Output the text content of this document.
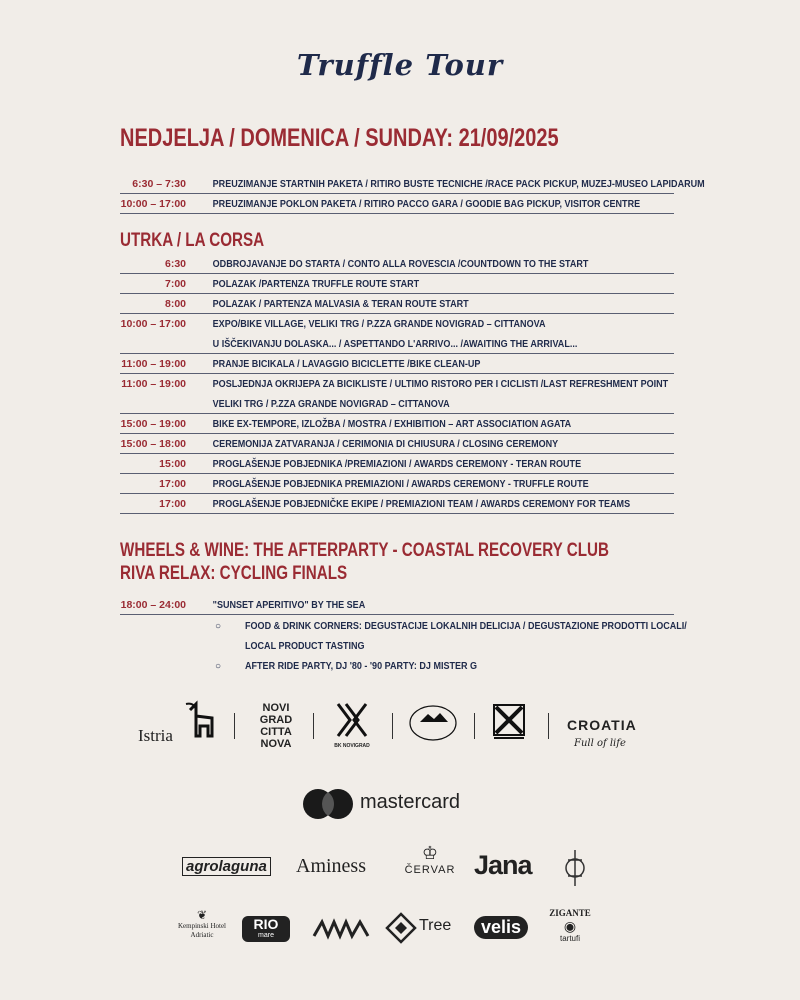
Truffle Tour
NEDJELJA / DOMENICA / SUNDAY: 21/09/2025
6:30 – 7:30	PREUZIMANJE STARTNIH PAKETA / RITIRO BUSTE TECNICHE /RACE PACK PICKUP, MUZEJ-MUSEO LAPIDARUM
10:00 – 17:00	PREUZIMANJE POKLON PAKETA / RITIRO PACCO GARA / GOODIE BAG PICKUP, VISITOR CENTRE
UTRKA / LA CORSA
6:30	ODBROJAVANJE DO STARTA / CONTO ALLA ROVESCIA /COUNTDOWN TO THE START
7:00	POLAZAK /PARTENZA TRUFFLE ROUTE START
8:00	POLAZAK / PARTENZA MALVASIA & TERAN ROUTE START
10:00 – 17:00	EXPO/BIKE VILLAGE, VELIKI TRG / P.ZZA GRANDE NOVIGRAD – CITTANOVA
U IŠČEKIVANJU DOLASKA... / ASPETTANDO L'ARRIVO... /AWAITING THE ARRIVAL...
11:00 – 19:00	PRANJE BICIKALA / LAVAGGIO BICICLETTE /BIKE CLEAN-UP
11:00 – 19:00	POSLJEDNJA OKRIJEPA ZA BICIKLISTE / ULTIMO RISTORO PER I CICLISTI /LAST REFRESHMENT POINT
VELIKI TRG / P.ZZA GRANDE NOVIGRAD – CITTANOVA
15:00 – 19:00	BIKE EX-TEMPORE, IZLOŽBA / MOSTRA / EXHIBITION – ART ASSOCIATION AGATA
15:00 – 18:00	CEREMONIJA ZATVARANJA / CERIMONIA DI CHIUSURA / CLOSING CEREMONY
15:00	PROGLAŠENJE POBJEDNIKA /PREMIAZIONI / AWARDS CEREMONY - TERAN ROUTE
17:00	PROGLAŠENJE POBJEDNIKA PREMIAZIONI / AWARDS CEREMONY - TRUFFLE ROUTE
17:00	PROGLAŠENJE POBJEDNIČKE EKIPE / PREMIAZIONI TEAM / AWARDS CEREMONY FOR TEAMS
WHEELS & WINE: THE AFTERPARTY - COASTAL RECOVERY CLUB
RIVA RELAX: CYCLING FINALS
18:00 – 24:00	"SUNSET APERITIVO" BY THE SEA
○ FOOD & DRINK CORNERS: DEGUSTACIJE LOKALNIH DELICIJA / DEGUSTAZIONE PRODOTTI LOCALI/
LOCAL PRODUCT TASTING
○ AFTER RIDE PARTY, DJ '80 - '90 PARTY: DJ MISTER G
Istria
NOVI
GRAD
CITTA
NOVA	BK NOVIGRAD
CROATIA
Full of life
mastercard
agrolaguna Aminess
♔
ČERVAR Jana
❦
Kempinski Hotel
Adriatic
RIO
mare
Tree	velis
ZIGANTE
◉
tartufi
